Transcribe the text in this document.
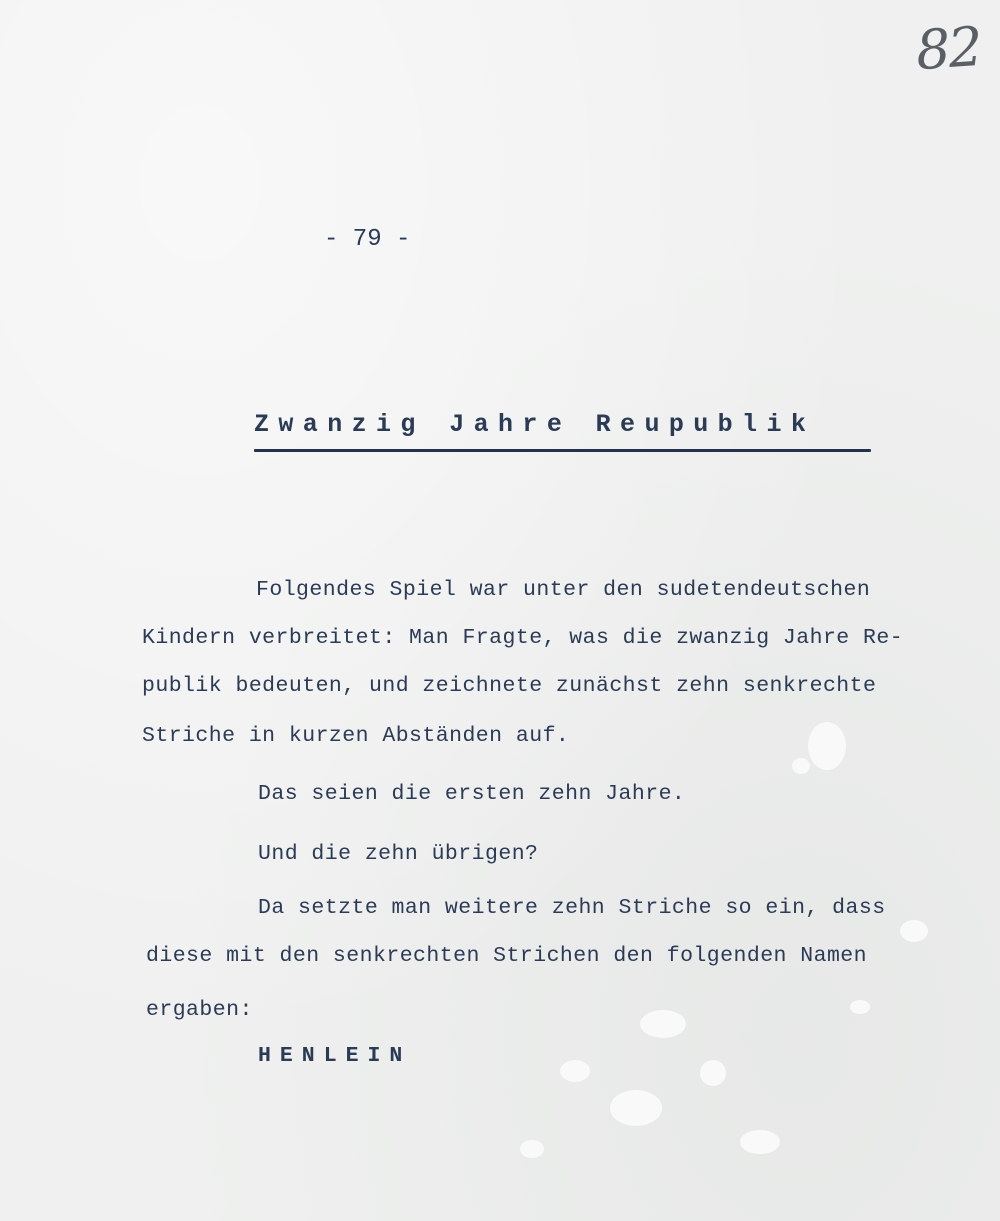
82
- 79 -
Zwanzig Jahre Reupublik
Folgendes Spiel war unter den sudetendeutschen
Kindern verbreitet: Man Fragte, was die zwanzig Jahre Re-
publik bedeuten, und zeichnete zunächst zehn senkrechte
Striche in kurzen Abständen auf.
Das seien die ersten zehn Jahre.
Und die zehn übrigen?
Da setzte man weitere zehn Striche so ein, dass
diese mit den senkrechten Strichen den folgenden Namen
ergaben:
HENLEIN
